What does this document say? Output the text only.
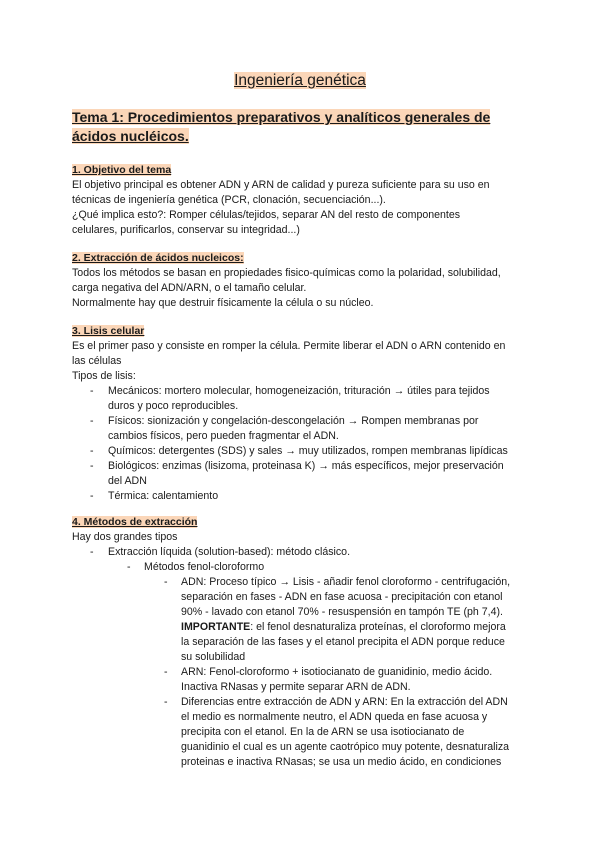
Ingeniería genética
Tema 1: Procedimientos preparativos y analíticos generales de ácidos nucléicos.
1. Objetivo del tema
El objetivo principal es obtener ADN y ARN de calidad y pureza suficiente para su uso en
técnicas de ingeniería genética (PCR, clonación, secuenciación...).
¿Qué implica esto?: Romper células/tejidos, separar AN del resto de componentes
celulares, purificarlos, conservar su integridad...)
2. Extracción de ácidos nucleicos:
Todos los métodos se basan en propiedades fisico-químicas como la polaridad, solubilidad,
carga negativa del ADN/ARN, o el tamaño celular.
Normalmente hay que destruir físicamente la célula o su núcleo.
3. Lisis celular
Es el primer paso y consiste en romper la célula. Permite liberar el ADN o ARN contenido en
las células
Tipos de lisis:
- Mecánicos: mortero molecular, homogeneización, trituración → útiles para tejidos
duros y poco reproducibles.
- Físicos: sionización y congelación-descongelación → Rompen membranas por
cambios físicos, pero pueden fragmentar el ADN.
- Químicos: detergentes (SDS) y sales → muy utilizados, rompen membranas lipídicas
- Biológicos: enzimas (lisizoma, proteinasa K) → más específicos, mejor preservación
del ADN
- Térmica: calentamiento
4. Métodos de extracción
Hay dos grandes tipos
- Extracción líquida (solution-based): método clásico.
- Métodos fenol-cloroformo
- ADN: Proceso típico → Lisis - añadir fenol cloroformo - centrifugación,
separación en fases - ADN en fase acuosa - precipitación con etanol
90% - lavado con etanol 70% - resuspensión en tampón TE (ph 7,4).
IMPORTANTE: el fenol desnaturaliza proteínas, el cloroformo mejora
la separación de las fases y el etanol precipita el ADN porque reduce
su solubilidad
- ARN: Fenol-cloroformo + isotiocianato de guanidinio, medio ácido.
Inactiva RNasas y permite separar ARN de ADN.
- Diferencias entre extracción de ADN y ARN: En la extracción del ADN
el medio es normalmente neutro, el ADN queda en fase acuosa y
precipita con el etanol. En la de ARN se usa isotiocianato de
guanidinio el cual es un agente caotrópico muy potente, desnaturaliza
proteinas e inactiva RNasas; se usa un medio ácido, en condiciones
